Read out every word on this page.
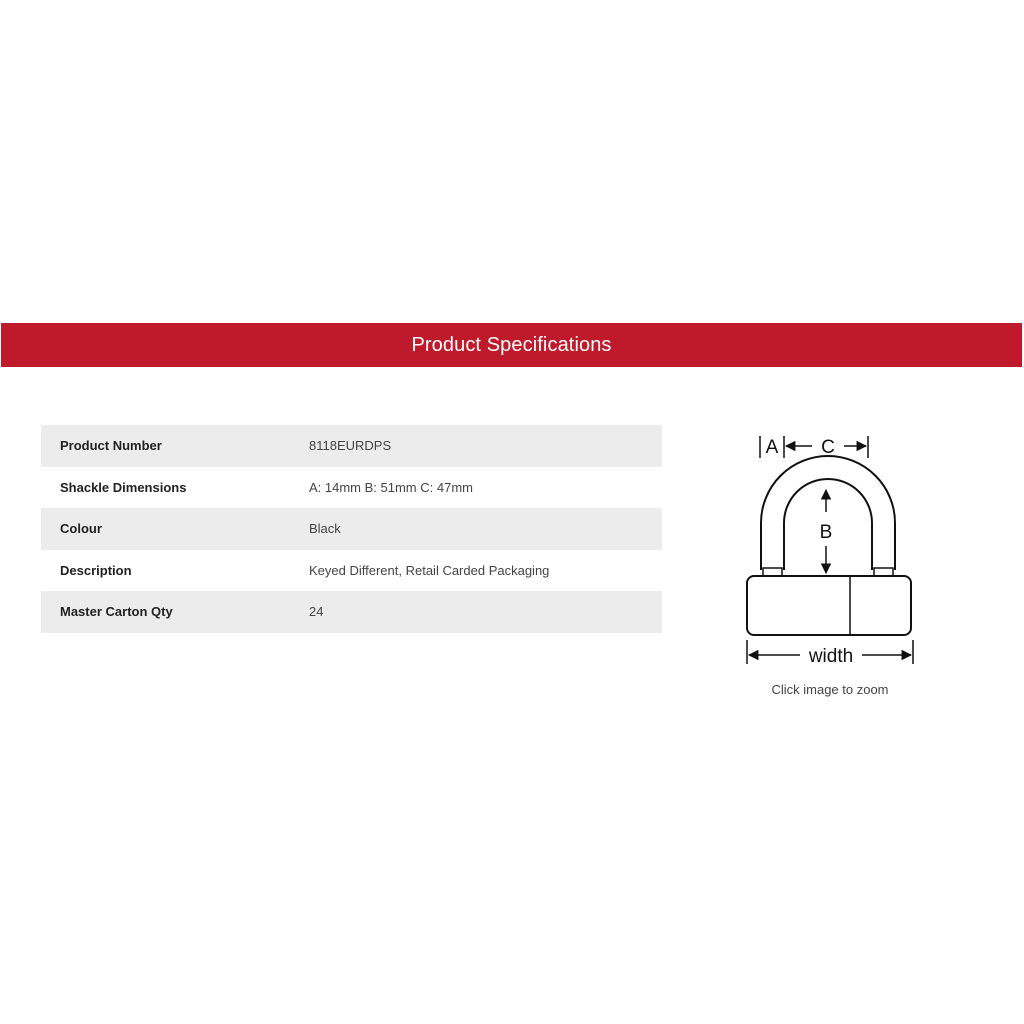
Product Specifications
Product Number	8118EURDPS
Shackle Dimensions	A: 14mm B: 51mm C: 47mm
Colour	Black
Description	Keyed Different, Retail Carded Packaging
Master Carton Qty	24
A C
B
width
Click image to zoom
